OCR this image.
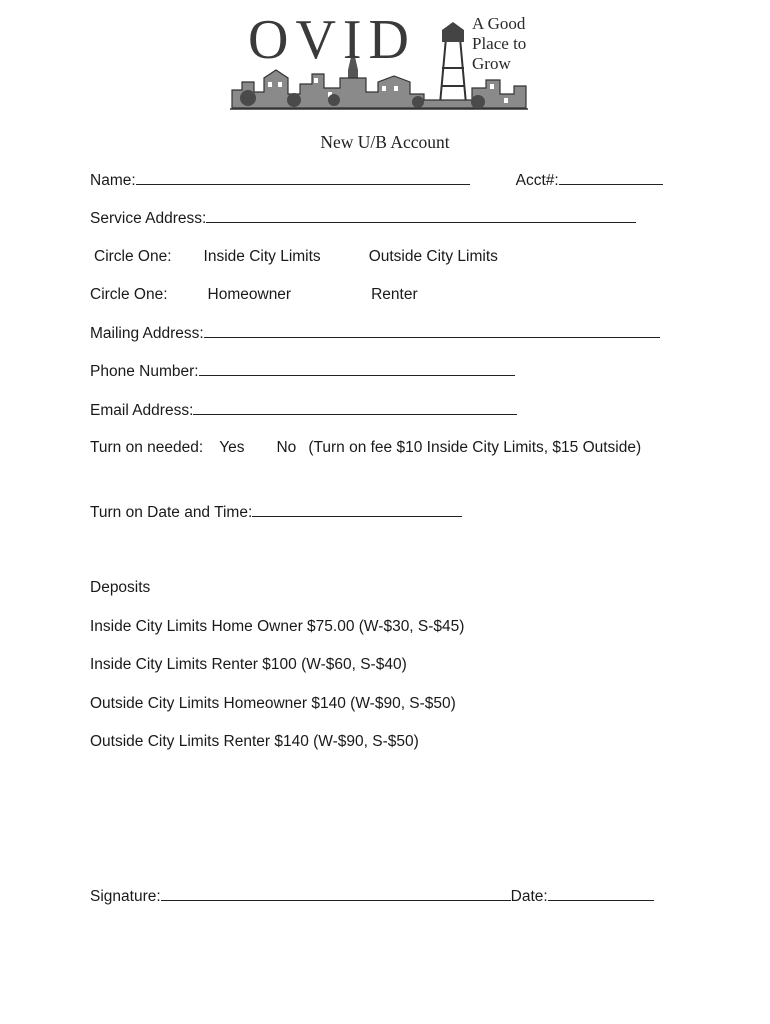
OVID	A Good
Place to
Grow
New U/B Account
Name:	Acct#:
Service Address:
Circle One: Inside City Limits	Outside City Limits
Circle One:	Homeowner	Renter
Mailing Address:
Phone Number:
Email Address:
Turn on needed: Yes No (Turn on fee $10 Inside City Limits, $15 Outside)
Turn on Date and Time:
Deposits
Inside City Limits Home Owner $75.00 (W-$30, S-$45)
Inside City Limits Renter $100 (W-$60, S-$40)
Outside City Limits Homeowner $140 (W-$90, S-$50)
Outside City Limits Renter $140 (W-$90, S-$50)
Signature:	Date:
